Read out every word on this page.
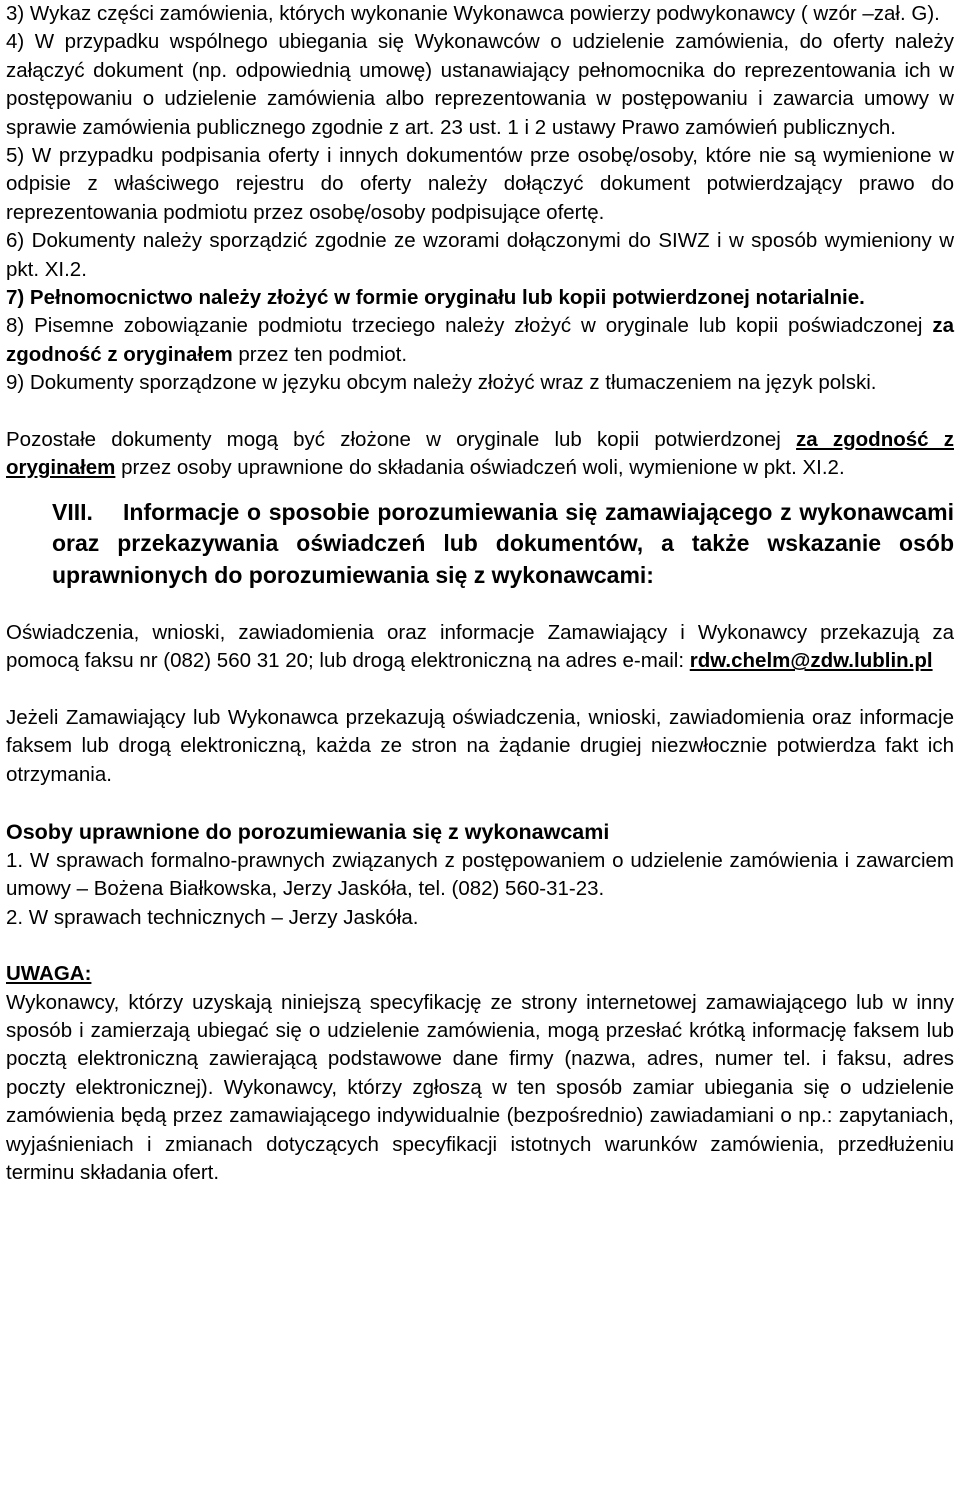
3) Wykaz części zamówienia, których wykonanie Wykonawca powierzy podwykonawcy ( wzór –zał. G).

4) W przypadku wspólnego ubiegania się Wykonawców o udzielenie zamówienia, do oferty należy załączyć dokument (np. odpowiednią umowę) ustanawiający pełnomocnika do reprezentowania ich w postępowaniu o udzielenie zamówienia albo reprezentowania w postępowaniu i zawarcia umowy w sprawie zamówienia publicznego zgodnie z art. 23 ust. 1 i 2 ustawy Prawo zamówień publicznych.

5) W przypadku podpisania oferty i innych dokumentów prze osobę/osoby, które nie są wymienione w odpisie z właściwego rejestru do oferty należy dołączyć dokument potwierdzający prawo do reprezentowania podmiotu przez osobę/osoby podpisujące ofertę.

6) Dokumenty należy sporządzić zgodnie ze wzorami dołączonymi do SIWZ i w sposób wymieniony w pkt. XI.2.

7) Pełnomocnictwo należy złożyć w formie oryginału lub kopii potwierdzonej notarialnie.

8) Pisemne zobowiązanie podmiotu trzeciego należy złożyć w oryginale lub kopii poświadczonej za zgodność z oryginałem przez ten podmiot.

9) Dokumenty sporządzone w języku obcym należy złożyć wraz z tłumaczeniem na język polski.

Pozostałe dokumenty mogą być złożone w oryginale lub kopii potwierdzonej za zgodność z oryginałem przez osoby uprawnione do składania oświadczeń woli, wymienione w pkt. XI.2.

VIII.	Informacje o sposobie porozumiewania się zamawiającego z wykonawcami oraz przekazywania oświadczeń lub dokumentów, a także wskazanie osób uprawnionych do porozumiewania się z wykonawcami:

Oświadczenia, wnioski, zawiadomienia oraz informacje Zamawiający i Wykonawcy przekazują za pomocą faksu nr (082) 560 31 20; lub drogą elektroniczną na adres e-mail: rdw.chelm@zdw.lublin.pl

Jeżeli Zamawiający lub Wykonawca przekazują oświadczenia, wnioski, zawiadomienia oraz informacje faksem lub drogą elektroniczną, każda ze stron na żądanie drugiej niezwłocznie potwierdza fakt ich otrzymania.

Osoby uprawnione do porozumiewania się z wykonawcami

1. W sprawach formalno-prawnych związanych z postępowaniem o udzielenie zamówienia i zawarciem umowy – Bożena Białkowska, Jerzy Jaskóła, tel. (082) 560-31-23.

2. W sprawach technicznych – Jerzy Jaskóła.

UWAGA:

Wykonawcy, którzy uzyskają niniejszą specyfikację ze strony internetowej zamawiającego lub w inny sposób i zamierzają ubiegać się o udzielenie zamówienia, mogą przesłać krótką informację faksem lub pocztą elektroniczną zawierającą podstawowe dane firmy (nazwa, adres, numer tel. i faksu, adres poczty elektronicznej). Wykonawcy, którzy zgłoszą w ten sposób zamiar ubiegania się o udzielenie zamówienia będą przez zamawiającego indywidualnie (bezpośrednio) zawiadamiani o np.: zapytaniach, wyjaśnieniach i zmianach dotyczących specyfikacji istotnych warunków zamówienia, przedłużeniu terminu składania ofert.
